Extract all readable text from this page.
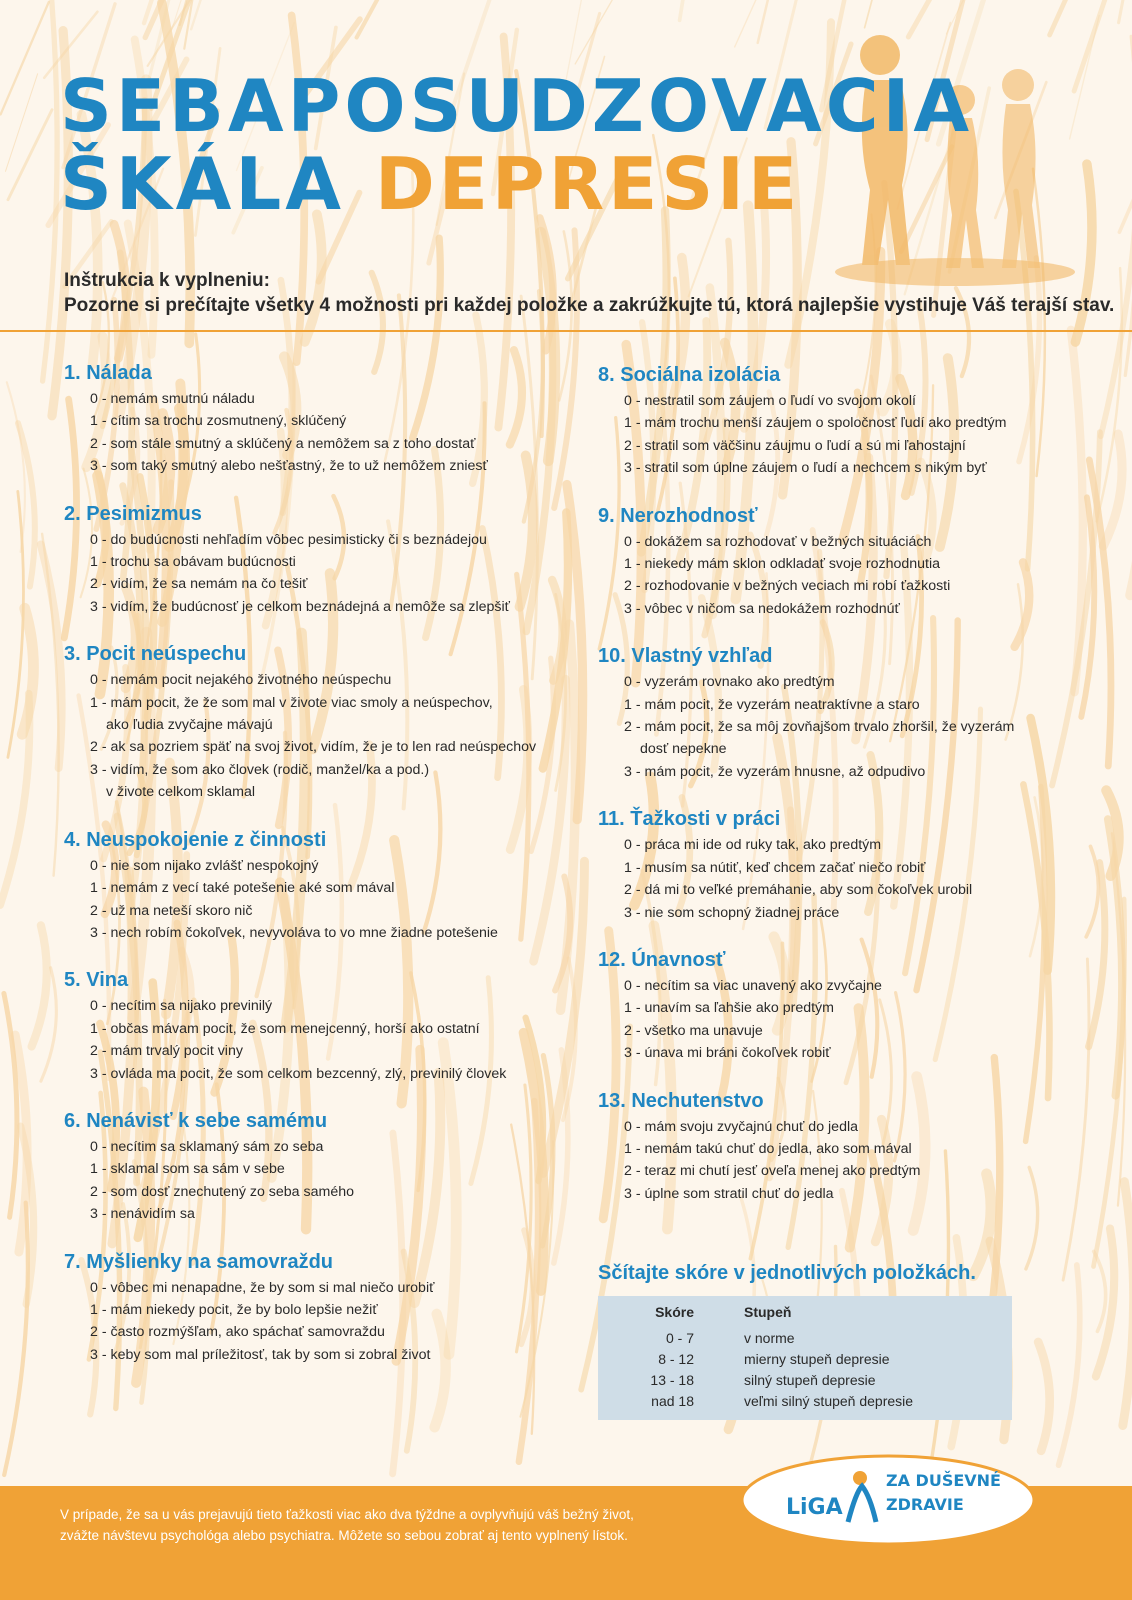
SEBAPOSUDZOVACIA
ŠKÁLA DEPRESIE
Inštrukcia k vyplneniu:
Pozorne si prečítajte všetky 4 možnosti pri každej položke a zakrúžkujte tú, ktorá najlepšie vystihuje Váš terajší stav.
1. Nálada
0 - nemám smutnú náladu
1 - cítim sa trochu zosmutnený, sklúčený
2 - som stále smutný a sklúčený a nemôžem sa z toho dostať
3 - som taký smutný alebo nešťastný, že to už nemôžem zniesť
2. Pesimizmus
0 - do budúcnosti nehľadím vôbec pesimisticky či s beznádejou
1 - trochu sa obávam budúcnosti
2 - vidím, že sa nemám na čo tešiť
3 - vidím, že budúcnosť je celkom beznádejná a nemôže sa zlepšiť
3. Pocit neúspechu
0 - nemám pocit nejakého životného neúspechu
1 - mám pocit, že že som mal v živote viac smoly a neúspechov,
ako ľudia zvyčajne mávajú
2 - ak sa pozriem späť na svoj život, vidím, že je to len rad neúspechov
3 - vidím, že som ako človek (rodič, manžel/ka a pod.)
v živote celkom sklamal
4. Neuspokojenie z činnosti
0 - nie som nijako zvlášť nespokojný
1 - nemám z vecí také potešenie aké som mával
2 - už ma neteší skoro nič
3 - nech robím čokoľvek, nevyvoláva to vo mne žiadne potešenie
5. Vina
0 - necítim sa nijako previnilý
1 - občas mávam pocit, že som menejcenný, horší ako ostatní
2 - mám trvalý pocit viny
3 - ovláda ma pocit, že som celkom bezcenný, zlý, previnilý človek
6. Nenávisť k sebe samému
0 - necítim sa sklamaný sám zo seba
1 - sklamal som sa sám v sebe
2 - som dosť znechutený zo seba samého
3 - nenávidím sa
7. Myšlienky na samovraždu
0 - vôbec mi nenapadne, že by som si mal niečo urobiť
1 - mám niekedy pocit, že by bolo lepšie nežiť
2 - často rozmýšľam, ako spáchať samovraždu
3 - keby som mal príležitosť, tak by som si zobral život
8. Sociálna izolácia
0 - nestratil som záujem o ľudí vo svojom okolí
1 - mám trochu menší záujem o spoločnosť ľudí ako predtým
2 - stratil som väčšinu záujmu o ľudí a sú mi ľahostajní
3 - stratil som úplne záujem o ľudí a nechcem s nikým byť
9. Nerozhodnosť
0 - dokážem sa rozhodovať v bežných situáciách
1 - niekedy mám sklon odkladať svoje rozhodnutia
2 - rozhodovanie v bežných veciach mi robí ťažkosti
3 - vôbec v ničom sa nedokážem rozhodnúť
10. Vlastný vzhľad
0 - vyzerám rovnako ako predtým
1 - mám pocit, že vyzerám neatraktívne a staro
2 - mám pocit, že sa môj zovňajšom trvalo zhoršil, že vyzerám
dosť nepekne
3 - mám pocit, že vyzerám hnusne, až odpudivo
11. Ťažkosti v práci
0 - práca mi ide od ruky tak, ako predtým
1 - musím sa nútiť, keď chcem začať niečo robiť
2 - dá mi to veľké premáhanie, aby som čokoľvek urobil
3 - nie som schopný žiadnej práce
12. Únavnosť
0 - necítim sa viac unavený ako zvyčajne
1 - unavím sa ľahšie ako predtým
2 - všetko ma unavuje
3 - únava mi bráni čokoľvek robiť
13. Nechutenstvo
0 - mám svoju zvyčajnú chuť do jedla
1 - nemám takú chuť do jedla, ako som mával
2 - teraz mi chutí jesť oveľa menej ako predtým
3 - úplne som stratil chuť do jedla
Sčítajte skóre v jednotlivých položkách.
Skóre	Stupeň
0 - 7	v norme
8 - 12	mierny stupeň depresie
13 - 18	silný stupeň depresie
nad 18	veľmi silný stupeň depresie
V prípade, že sa u vás prejavujú tieto ťažkosti viac ako dva týždne a ovplyvňujú váš bežný život,
zvážte návštevu psychológa alebo psychiatra. Môžete so sebou zobrať aj tento vyplnený lístok.
LiGA
ZA DUŠEVNÉ
ZDRAVIE
